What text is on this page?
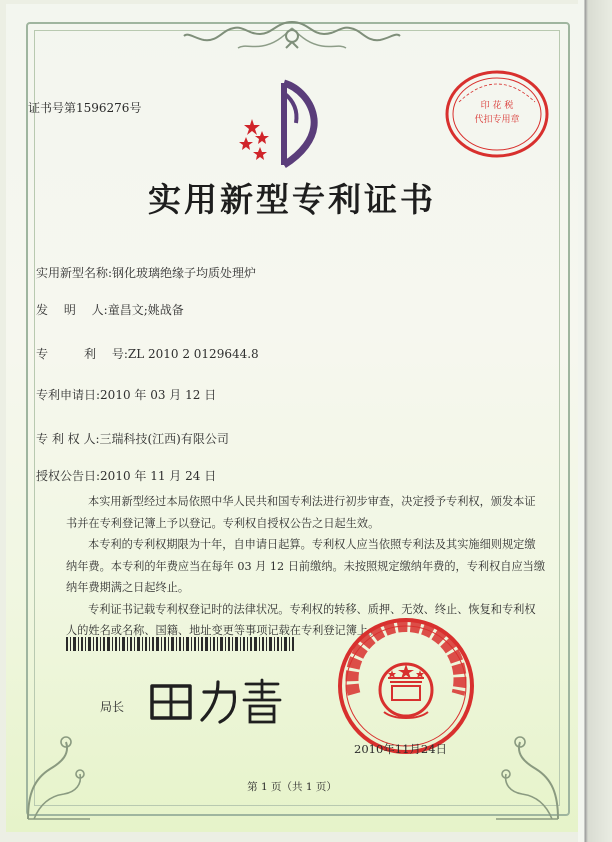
证书号第1596276号	印 花 税
代扣专用章
实用新型专利证书
实用新型名称:钢化玻璃绝缘子均质处理炉
发　 明　 人:童昌文;姚战备
专　　　利　 号:ZL 2010 2 0129644.8
专利申请日:2010 年 03 月 12 日
专 利 权 人:三瑞科技(江西)有限公司
授权公告日:2010 年 11 月 24 日

本实用新型经过本局依照中华人民共和国专利法进行初步审查，决定授予专利权，颁发本证书并在专利登记簿上予以登记。专利权自授权公告之日起生效。

本专利的专利权期限为十年，自申请日起算。专利权人应当依照专利法及其实施细则规定缴纳年费。本专利的年费应当在每年 03 月 12 日前缴纳。未按照规定缴纳年费的，专利权自应当缴纳年费期满之日起终止。

专利证书记载专利权登记时的法律状况。专利权的转移、质押、无效、终止、恢复和专利权人的姓名或名称、国籍、地址变更等事项记载在专利登记簿上。

局长
2010年11月24日
第 1 页（共 1 页）
